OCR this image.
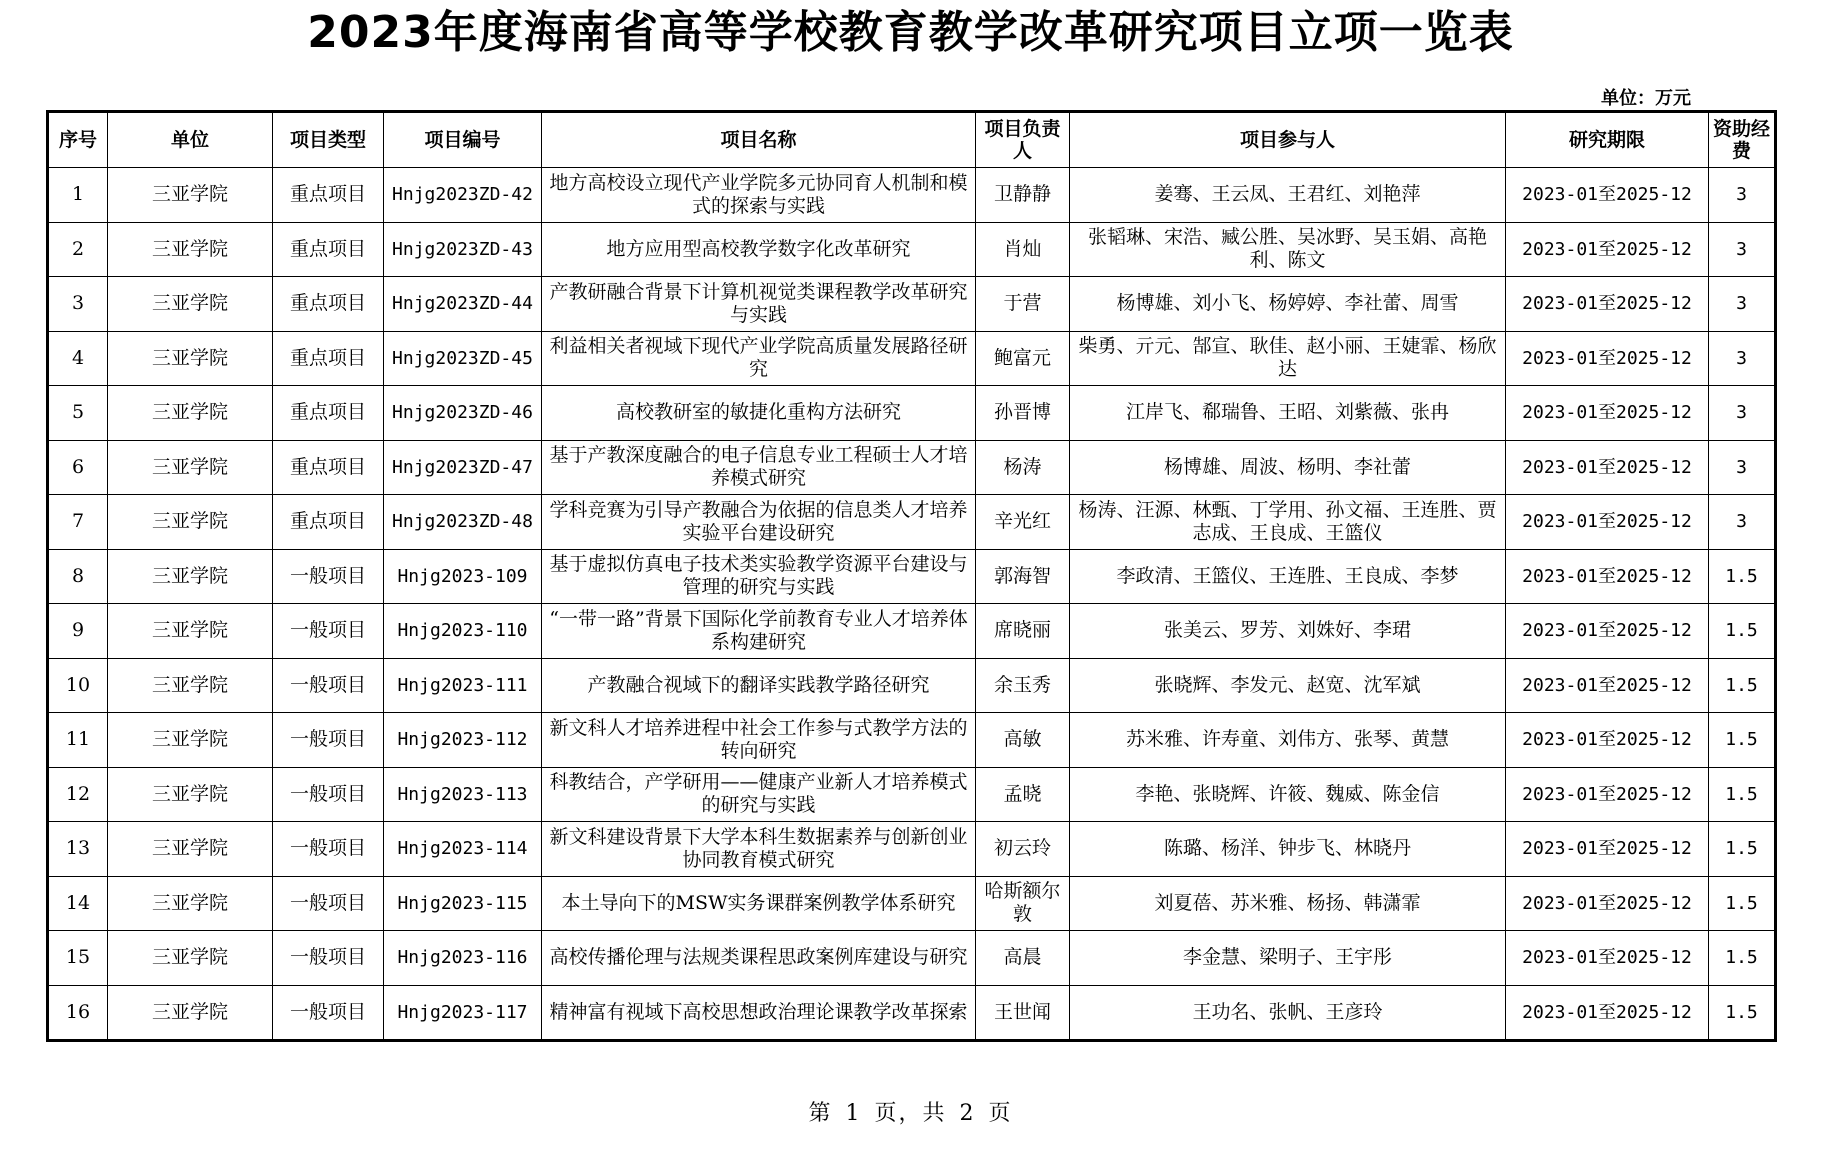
2023年度海南省高等学校教育教学改革研究项目立项一览表
单位：万元
序号	单位	项目类型	项目编号	项目名称	项目负责人	项目参与人	研究期限	资助经费
1	三亚学院	重点项目	Hnjg2023ZD-42	地方高校设立现代产业学院多元协同育人机制和模式的探索与实践	卫静静	姜骞、王云凤、王君红、刘艳萍	2023-01至2025-12	3
2	三亚学院	重点项目	Hnjg2023ZD-43	地方应用型高校教学数字化改革研究	肖灿	张韬琳、宋浩、臧公胜、吴冰野、吴玉娟、高艳利、陈文	2023-01至2025-12	3
3	三亚学院	重点项目	Hnjg2023ZD-44	产教研融合背景下计算机视觉类课程教学改革研究与实践	于营	杨博雄、刘小飞、杨婷婷、李社蕾、周雪	2023-01至2025-12	3
4	三亚学院	重点项目	Hnjg2023ZD-45	利益相关者视域下现代产业学院高质量发展路径研究	鲍富元	柴勇、亓元、郜宣、耿佳、赵小丽、王婕霏、杨欣达	2023-01至2025-12	3
5	三亚学院	重点项目	Hnjg2023ZD-46	高校教研室的敏捷化重构方法研究	孙晋博	江岸飞、郗瑞鲁、王昭、刘紫薇、张冉	2023-01至2025-12	3
6	三亚学院	重点项目	Hnjg2023ZD-47	基于产教深度融合的电子信息专业工程硕士人才培养模式研究	杨涛	杨博雄、周波、杨明、李社蕾	2023-01至2025-12	3
7	三亚学院	重点项目	Hnjg2023ZD-48	学科竞赛为引导产教融合为依据的信息类人才培养实验平台建设研究	辛光红	杨涛、汪源、林甄、丁学用、孙文福、王连胜、贾志成、王良成、王篮仪	2023-01至2025-12	3
8	三亚学院	一般项目	Hnjg2023-109	基于虚拟仿真电子技术类实验教学资源平台建设与管理的研究与实践	郭海智	李政清、王篮仪、王连胜、王良成、李梦	2023-01至2025-12	1.5
9	三亚学院	一般项目	Hnjg2023-110	“一带一路”背景下国际化学前教育专业人才培养体系构建研究	席晓丽	张美云、罗芳、刘姝好、李珺	2023-01至2025-12	1.5
10	三亚学院	一般项目	Hnjg2023-111	产教融合视域下的翻译实践教学路径研究	余玉秀	张晓辉、李发元、赵宽、沈军斌	2023-01至2025-12	1.5
11	三亚学院	一般项目	Hnjg2023-112	新文科人才培养进程中社会工作参与式教学方法的转向研究	高敏	苏米雅、许寿童、刘伟方、张琴、黄慧	2023-01至2025-12	1.5
12	三亚学院	一般项目	Hnjg2023-113	科教结合，产学研用——健康产业新人才培养模式的研究与实践	孟晓	李艳、张晓辉、许筱、魏威、陈金信	2023-01至2025-12	1.5
13	三亚学院	一般项目	Hnjg2023-114	新文科建设背景下大学本科生数据素养与创新创业协同教育模式研究	初云玲	陈璐、杨洋、钟步飞、林晓丹	2023-01至2025-12	1.5
14	三亚学院	一般项目	Hnjg2023-115	本土导向下的MSW实务课群案例教学体系研究	哈斯额尔敦	刘夏蓓、苏米雅、杨扬、韩潇霏	2023-01至2025-12	1.5
15	三亚学院	一般项目	Hnjg2023-116	高校传播伦理与法规类课程思政案例库建设与研究	高晨	李金慧、梁明子、王宇彤	2023-01至2025-12	1.5
16	三亚学院	一般项目	Hnjg2023-117	精神富有视域下高校思想政治理论课教学改革探索	王世闻	王功名、张帆、王彦玲	2023-01至2025-12	1.5
第 1 页，共 2 页
